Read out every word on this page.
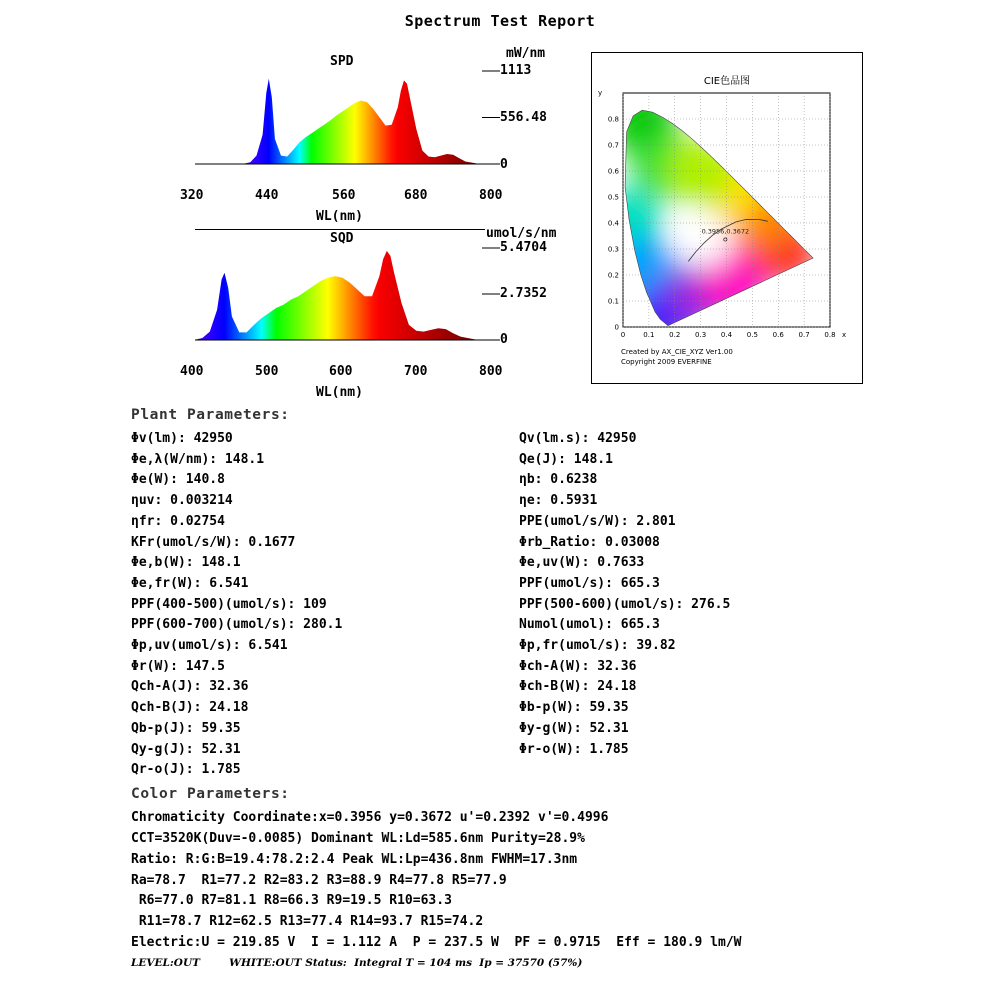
Spectrum Test Report
SPD
mW/nm
1113
556.48
0
320	440	560	680	800
WL(nm)
SQD	umol/s/nm
5.4704
2.7352
0
400	500	600	700	800
WL(nm)
CIE色品图
0	0.1 0.2 0.3 0.4 0.5 0.6 0.7 0.8
0
0.1
0.2
0.3
0.4
0.5
0.6
0.7
0.8
x
y
0.3956,0.3672
Created by AX_CIE_XYZ Ver1.00
Copyright 2009 EVERFINE
Plant Parameters:
Φv(lm): 42950
Φe,λ(W/nm): 148.1
Φe(W): 140.8
ηuv: 0.003214
ηfr: 0.02754
KFr(umol/s/W): 0.1677
Φe,b(W): 148.1
Φe,fr(W): 6.541
PPF(400-500)(umol/s): 109
PPF(600-700)(umol/s): 280.1
Φp,uv(umol/s): 6.541
Φr(W): 147.5
Qch-A(J): 32.36
Qch-B(J): 24.18
Qb-p(J): 59.35
Qy-g(J): 52.31
Qr-o(J): 1.785
Qv(lm.s): 42950
Qe(J): 148.1
ηb: 0.6238
ηe: 0.5931
PPE(umol/s/W): 2.801
Φrb_Ratio: 0.03008
Φe,uv(W): 0.7633
PPF(umol/s): 665.3
PPF(500-600)(umol/s): 276.5
Numol(umol): 665.3
Φp,fr(umol/s): 39.82
Φch-A(W): 32.36
Φch-B(W): 24.18
Φb-p(W): 59.35
Φy-g(W): 52.31
Φr-o(W): 1.785
Color Parameters:
Chromaticity Coordinate:x=0.3956 y=0.3672 u'=0.2392 v'=0.4996
CCT=3520K(Duv=-0.0085) Dominant WL:Ld=585.6nm Purity=28.9%
Ratio: R:G:B=19.4:78.2:2.4 Peak WL:Lp=436.8nm FWHM=17.3nm
Ra=78.7  R1=77.2 R2=83.2 R3=88.9 R4=77.8 R5=77.9
R6=77.0 R7=81.1 R8=66.3 R9=19.5 R10=63.3
R11=78.7 R12=62.5 R13=77.4 R14=93.7 R15=74.2
Electric:U = 219.85 V  I = 1.112 A  P = 237.5 W  PF = 0.9715  Eff = 180.9 lm/W
LEVEL:OUT        WHITE:OUT Status:  Integral T = 104 ms  Ip = 37570 (57%)
